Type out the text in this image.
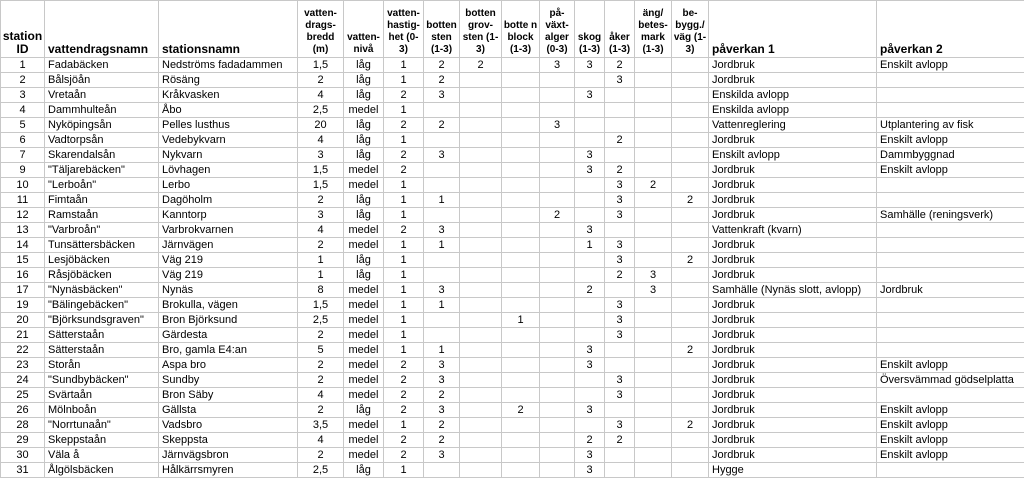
station ID	vattendragsnamn	stationsnamn	vatten-drags-bredd (m)	vatten-nivå	vatten-hastig-het (0-3)	botten sten (1-3)	botten grov-sten (1-3)	botte n block (1-3)	på-växt-alger (0-3)	skog (1-3)	åker (1-3)	äng/ betes-mark (1-3)	be-bygg./ väg (1-3)	påverkan 1	påverkan 2
1	Fadabäcken	Nedströms fadadammen	1,5	låg	1	2	2		3	3	2			Jordbruk	Enskilt avlopp
2	Bålsjöån	Rösäng	2	låg	1	2					3			Jordbruk	
3	Vretaån	Kråkvasken	4	låg	2	3				3				Enskilda avlopp	
4	Dammhulteån	Åbo	2,5	medel	1									Enskilda avlopp	
5	Nyköpingsån	Pelles lusthus	20	låg	2	2			3					Vattenreglering	Utplantering av fisk
6	Vadtorpsån	Vedebykvarn	4	låg	1						2			Jordbruk	Enskilt avlopp
7	Skarendalsån	Nykvarn	3	låg	2	3				3				Enskilt avlopp	Dammbyggnad
9	"Täljarebäcken"	Lövhagen	1,5	medel	2					3	2			Jordbruk	Enskilt avlopp
10	"Lerboån"	Lerbo	1,5	medel	1						3	2		Jordbruk	
11	Fimtaån	Dagöholm	2	låg	1	1					3		2	Jordbruk	
12	Ramstaån	Kanntorp	3	låg	1				2		3			Jordbruk	Samhälle (reningsverk)
13	"Varbroån"	Varbrokvarnen	4	medel	2	3				3				Vattenkraft (kvarn)	
14	Tunsättersbäcken	Järnvägen	2	medel	1	1				1	3			Jordbruk	
15	Lesjöbäcken	Väg 219	1	låg	1						3		2	Jordbruk	
16	Råsjöbäcken	Väg 219	1	låg	1						2	3		Jordbruk	
17	"Nynäsbäcken"	Nynäs	8	medel	1	3				2		3		Samhälle (Nynäs slott, avlopp)	Jordbruk
19	"Bälingebäcken"	Brokulla, vägen	1,5	medel	1	1					3			Jordbruk	
20	"Björksundsgraven"	Bron Björksund	2,5	medel	1			1			3			Jordbruk	
21	Sätterstaån	Gärdesta	2	medel	1						3			Jordbruk	
22	Sätterstaån	Bro, gamla E4:an	5	medel	1	1				3			2	Jordbruk	
23	Storån	Aspa bro	2	medel	2	3				3				Jordbruk	Enskilt avlopp
24	"Sundbybäcken"	Sundby	2	medel	2	3					3			Jordbruk	Översvämmad gödselplatta
25	Svärtaån	Bron Säby	4	medel	2	2					3			Jordbruk	
26	Mölnboån	Gällsta	2	låg	2	3		2		3				Jordbruk	Enskilt avlopp
28	"Norrtunaån"	Vadsbro	3,5	medel	1	2					3		2	Jordbruk	Enskilt avlopp
29	Skeppstaån	Skeppsta	4	medel	2	2				2	2			Jordbruk	Enskilt avlopp
30	Väla å	Järnvägsbron	2	medel	2	3				3				Jordbruk	Enskilt avlopp
31	Ålgölsbäcken	Hålkärrsmyren	2,5	låg	1					3				Hygge	
